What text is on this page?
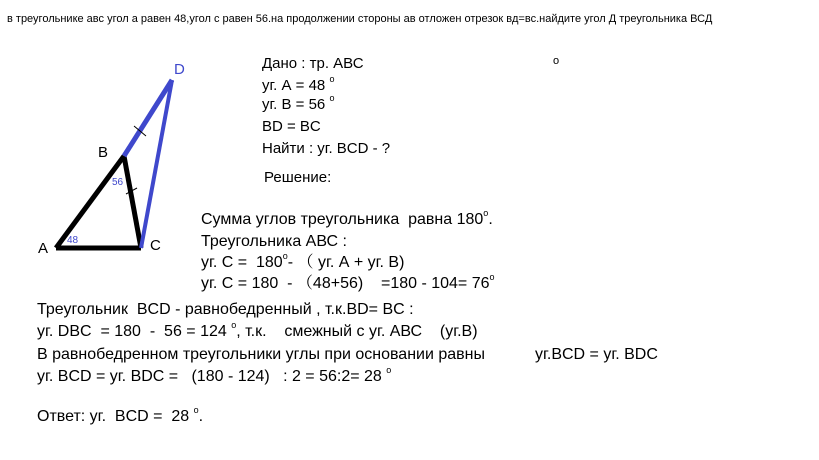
в треугольнике авс угол а равен 48,угол с равен 56.на продолжении стороны ав отложен отрезок вд=вс.найдите угол Д треугольника ВСД
A
B
C
D
48
56
Дано : тр. АВС	o
уг. А = 48 $^o$
уг. В = 56 $^o$
BD = BC
Найти : уг. BCD - ?
Решение:
Сумма углов треугольника  равна 180$^o$.
Треугольника АВС :
уг. С =  180$^o$- （ уг. А + уг. В)
уг. С = 180  - （48+56)    $=180 - 104= 76^o$
Треугольник  BCD - равнобедренный , т.к.BD= BC :
уг. DBC  = 180  -  56 = 124 $^o$, т.к.    смежный с уг. АВС    (уг.В)
В равнобедренном треугольники углы при основании равны	уг.BCD = уг. BDC
уг. BCD = уг. BDC =   (180 - 124)   : 2 = 56:2= 28 $^o$
Ответ: уг.  BCD =  28 $^o$.
